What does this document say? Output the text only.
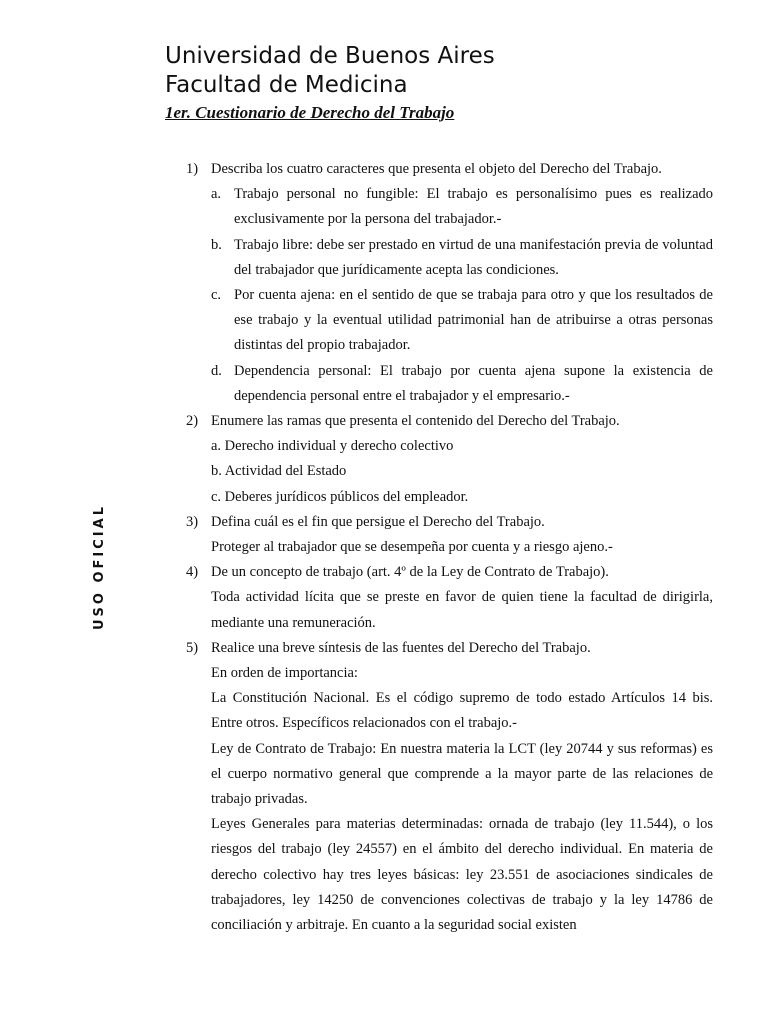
Universidad de Buenos Aires
Facultad de Medicina
1er. Cuestionario de Derecho del Trabajo
USO OFICIAL
1) Describa los cuatro caracteres que presenta el objeto del Derecho del Trabajo.
a. Trabajo personal no fungible: El trabajo es personalísimo pues es realizado exclusivamente por la persona del trabajador.-
b. Trabajo libre: debe ser prestado en virtud de una manifestación previa de voluntad del trabajador que jurídicamente acepta las condiciones.
c. Por cuenta ajena: en el sentido de que se trabaja para otro y que los resultados de ese trabajo y la eventual utilidad patrimonial han de atribuirse a otras personas distintas del propio trabajador.
d. Dependencia personal: El trabajo por cuenta ajena supone la existencia de dependencia personal entre el trabajador y el empresario.-
2) Enumere las ramas que presenta el contenido del Derecho del Trabajo.
a. Derecho individual y derecho colectivo
b. Actividad del Estado
c. Deberes jurídicos públicos del empleador.
3) Defina cuál es el fin que persigue el Derecho del Trabajo.
Proteger al trabajador que se desempeña por cuenta y a riesgo ajeno.-
4) De un concepto de trabajo (art. 4º de la Ley de Contrato de Trabajo).
Toda actividad lícita que se preste en favor de quien tiene la facultad de dirigirla, mediante una remuneración.
5) Realice una breve síntesis de las fuentes del Derecho del Trabajo.
En orden de importancia:
La Constitución Nacional. Es el código supremo de todo estado Artículos 14 bis. Entre otros. Específicos relacionados con el trabajo.-
Ley de Contrato de Trabajo: En nuestra materia la LCT (ley 20744 y sus reformas) es el cuerpo normativo general que comprende a la mayor parte de las relaciones de trabajo privadas.
Leyes Generales para materias determinadas: ornada de trabajo (ley 11.544), o los riesgos del trabajo (ley 24557) en el ámbito del derecho individual. En materia de derecho colectivo hay tres leyes básicas: ley 23.551 de asociaciones sindicales de trabajadores, ley 14250 de convenciones colectivas de trabajo y la ley 14786 de conciliación y arbitraje. En cuanto a la seguridad social existen
